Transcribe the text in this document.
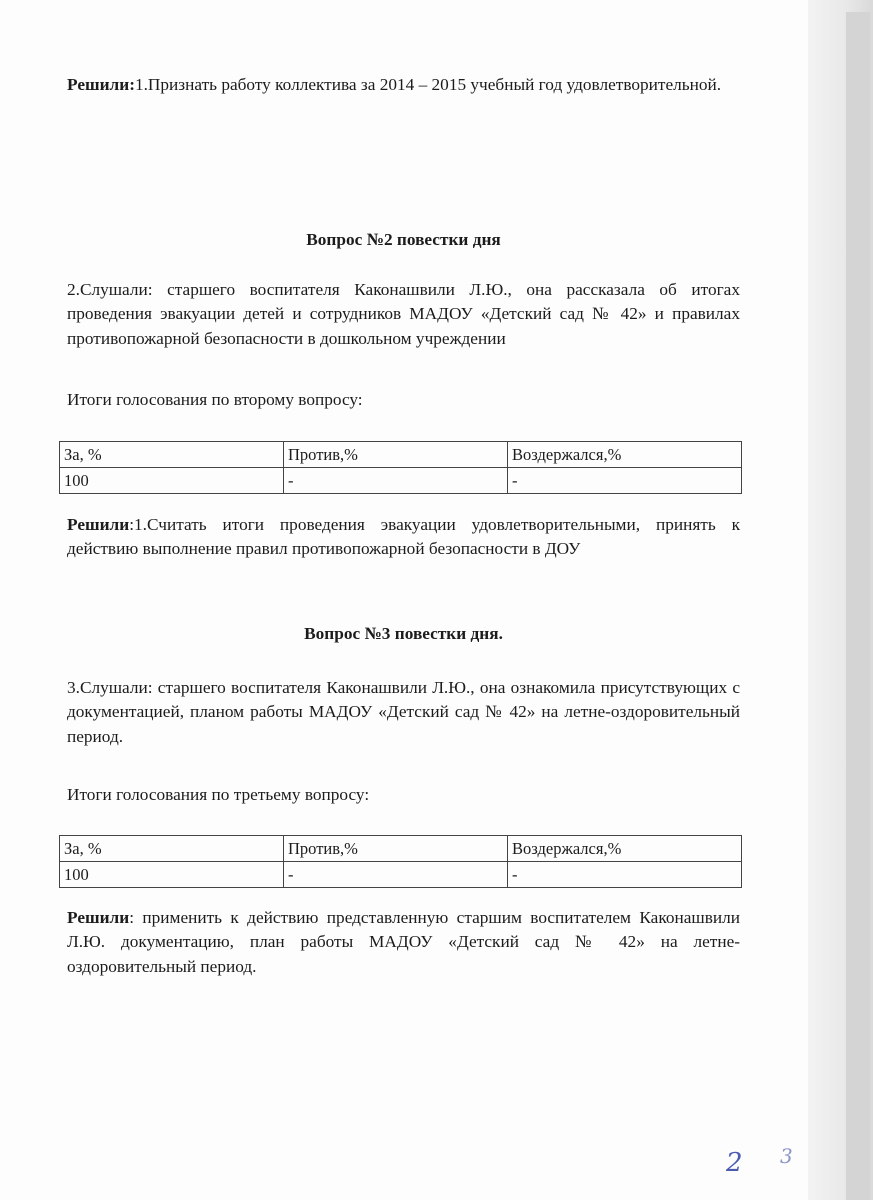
Решили:1.Признать работу коллектива за 2014 – 2015 учебный год удовлетворительной.
Вопрос №2 повестки дня
2.Слушали: старшего воспитателя Каконашвили Л.Ю., она рассказала об итогах проведения эвакуации детей и сотрудников МАДОУ «Детский сад № 42» и правилах противопожарной безопасности в дошкольном учреждении
Итоги голосования по второму вопросу:
За, %	Против,%	Воздержался,%
100	-	-
Решили:1.Считать итоги проведения эвакуации удовлетворительными, принять к действию выполнение правил противопожарной безопасности в ДОУ
Вопрос №3 повестки дня.
3.Слушали: старшего воспитателя Каконашвили Л.Ю., она ознакомила присутствующих с документацией, планом работы МАДОУ «Детский сад № 42» на летне-оздоровительный период.
Итоги голосования по третьему вопросу:
За, %	Против,%	Воздержался,%
100	-	-
Решили: применить к действию представленную старшим воспитателем Каконашвили Л.Ю. документацию, план работы МАДОУ «Детский сад № 42» на летне-оздоровительный период.
2 3
